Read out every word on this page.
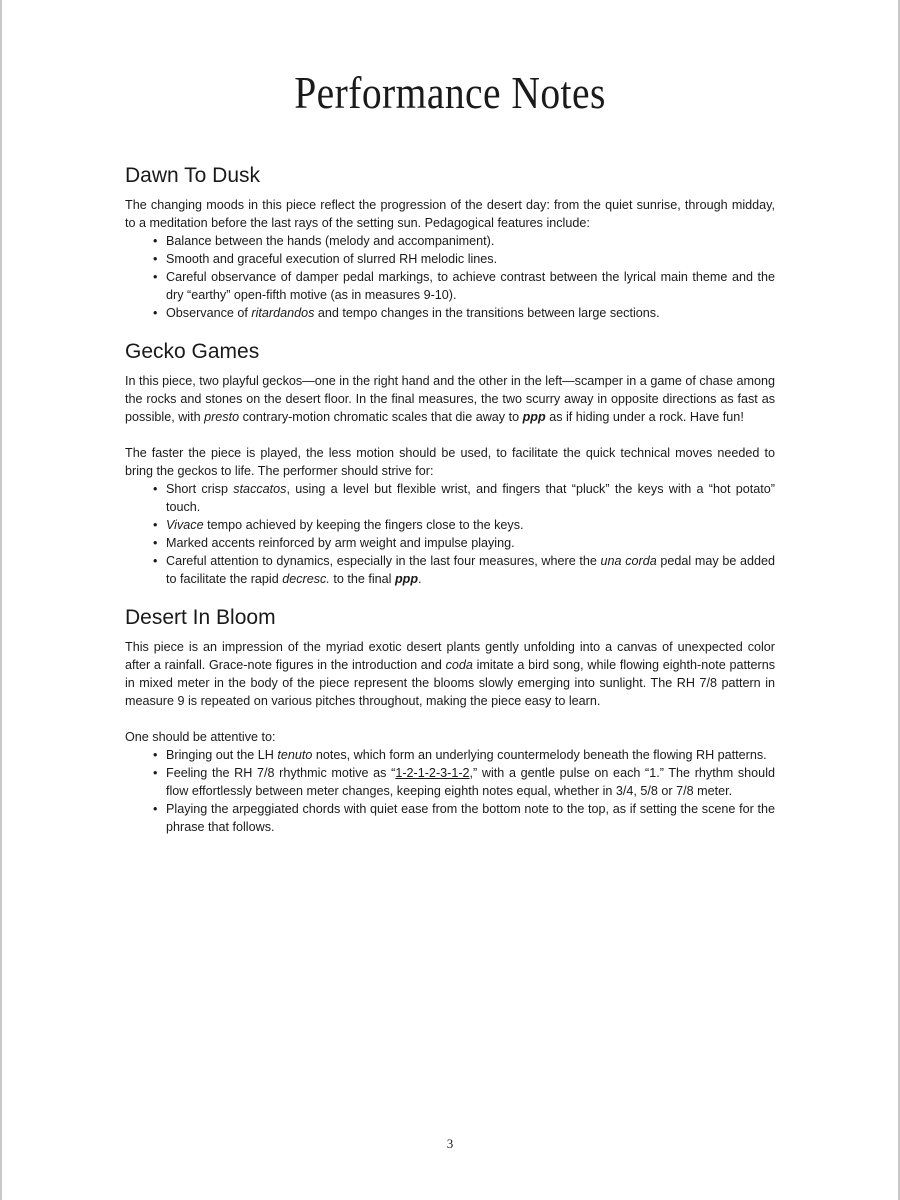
Performance Notes
Dawn To Dusk

The changing moods in this piece reflect the progression of the desert day: from the quiet sunrise, through midday, to a meditation before the last rays of the setting sun. Pedagogical features include:

• Balance between the hands (melody and accompaniment).
• Smooth and graceful execution of slurred RH melodic lines.
• Careful observance of damper pedal markings, to achieve contrast between the lyrical main theme and the dry “earthy” open-fifth motive (as in measures 9-10).
• Observance of ritardandos and tempo changes in the transitions between large sections.
Gecko Games

In this piece, two playful geckos—one in the right hand and the other in the left—scamper in a game of chase among the rocks and stones on the desert floor. In the final measures, the two scurry away in opposite directions as fast as possible, with presto contrary-motion chromatic scales that die away to ppp as if hiding under a rock. Have fun!

The faster the piece is played, the less motion should be used, to facilitate the quick technical moves needed to bring the geckos to life. The performer should strive for:

• Short crisp staccatos, using a level but flexible wrist, and fingers that “pluck” the keys with a “hot potato” touch.
• Vivace tempo achieved by keeping the fingers close to the keys.
• Marked accents reinforced by arm weight and impulse playing.
• Careful attention to dynamics, especially in the last four measures, where the una corda pedal may be added to facilitate the rapid decresc. to the final ppp.
Desert In Bloom

This piece is an impression of the myriad exotic desert plants gently unfolding into a canvas of unexpected color after a rainfall. Grace-note figures in the introduction and coda imitate a bird song, while flowing eighth-note patterns in mixed meter in the body of the piece represent the blooms slowly emerging into sunlight. The RH 7/8 pattern in measure 9 is repeated on various pitches throughout, making the piece easy to learn.

One should be attentive to:

• Bringing out the LH tenuto notes, which form an underlying countermelody beneath the flowing RH patterns.
• Feeling the RH 7/8 rhythmic motive as “1-2-1-2-3-1-2,” with a gentle pulse on each “1.” The rhythm should flow effortlessly between meter changes, keeping eighth notes equal, whether in 3/4, 5/8 or 7/8 meter.
• Playing the arpeggiated chords with quiet ease from the bottom note to the top, as if setting the scene for the phrase that follows.
3
